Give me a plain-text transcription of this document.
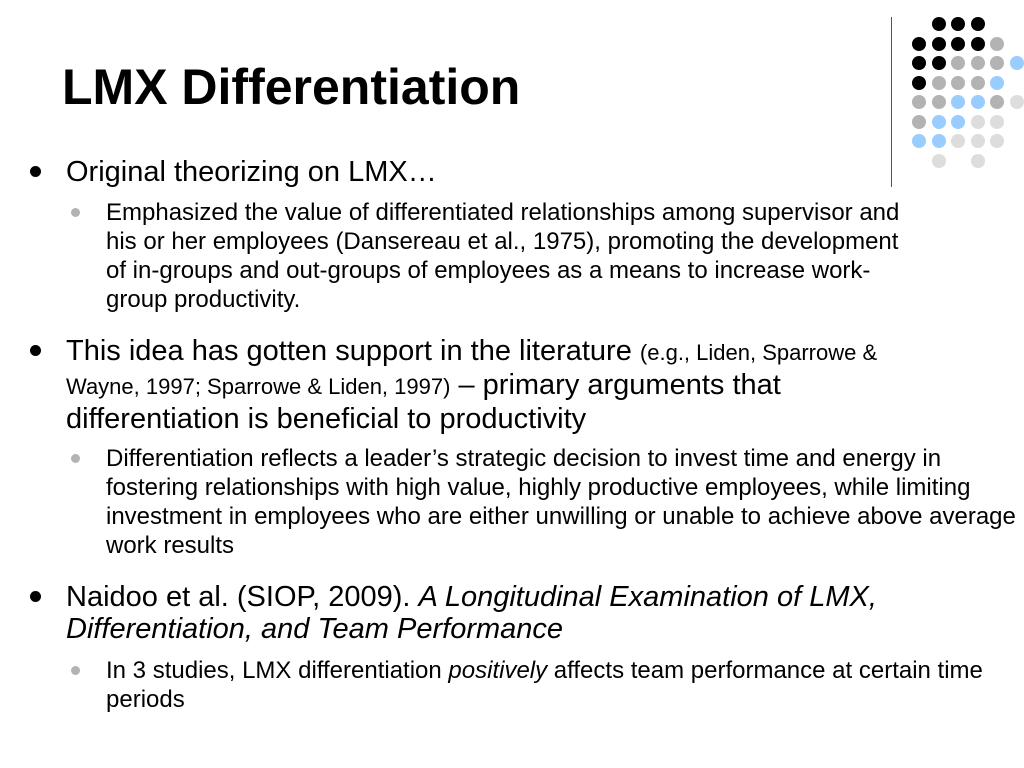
LMX Differentiation
Original theorizing on LMX…
Emphasized the value of differentiated relationships among supervisor and his or her employees (Dansereau et al., 1975), promoting the development of in-groups and out-groups of employees as a means to increase work-group productivity.
This idea has gotten support in the literature (e.g., Liden, Sparrowe & Wayne, 1997; Sparrowe & Liden, 1997) – primary arguments that differentiation is beneficial to productivity
Differentiation reflects a leader’s strategic decision to invest time and energy in fostering relationships with high value, highly productive employees, while limiting investment in employees who are either unwilling or unable to achieve above average work results
Naidoo et al. (SIOP, 2009). A Longitudinal Examination of LMX, Differentiation, and Team Performance
In 3 studies, LMX differentiation positively affects team performance at certain time periods
